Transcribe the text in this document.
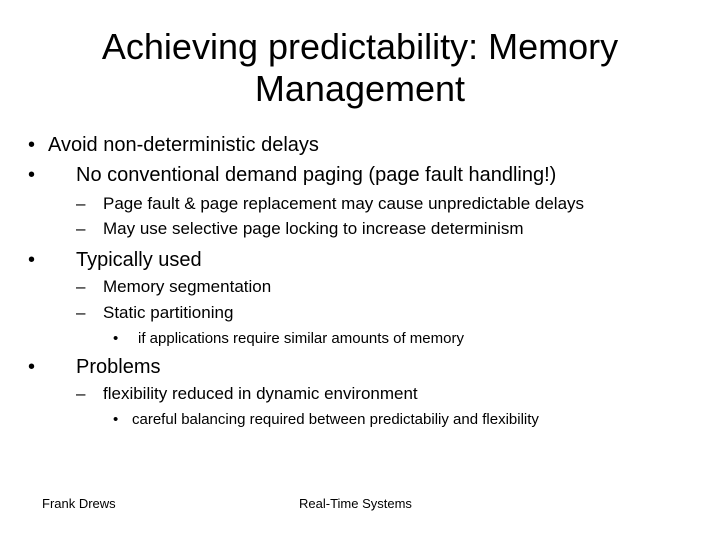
Achieving predictability: Memory
Management
• Avoid non-deterministic delays
• No conventional demand paging (page fault handling!)
– Page fault & page replacement may cause unpredictable delays
– May use selective page locking to increase determinism
• Typically used
– Memory segmentation
– Static partitioning
• if applications require similar amounts of memory
• Problems
– flexibility reduced in dynamic environment
• careful balancing required between predictabiliy and flexibility
Frank Drews	Real-Time Systems
